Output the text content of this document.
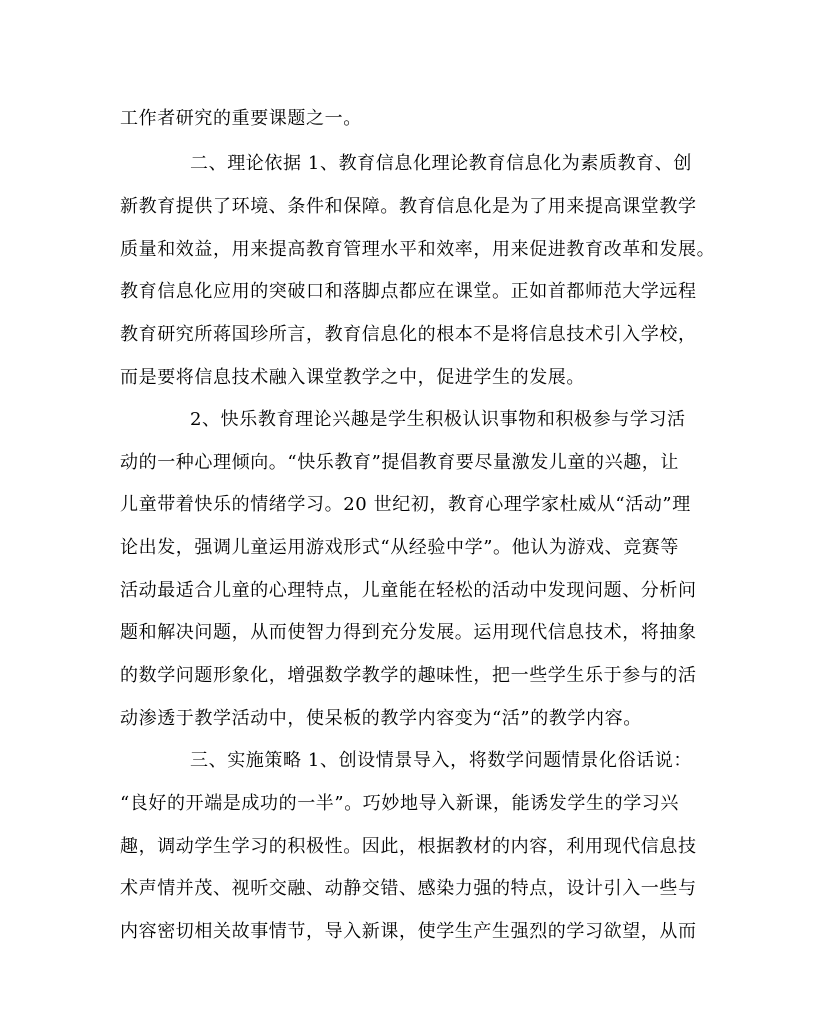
工作者研究的重要课题之一。
二、理论依据 1、教育信息化理论教育信息化为素质教育、创
新教育提供了环境、条件和保障。教育信息化是为了用来提高课堂教学
质量和效益，用来提高教育管理水平和效率，用来促进教育改革和发展。
教育信息化应用的突破口和落脚点都应在课堂。正如首都师范大学远程
教育研究所蒋国珍所言，教育信息化的根本不是将信息技术引入学校，
而是要将信息技术融入课堂教学之中，促进学生的发展。
2、快乐教育理论兴趣是学生积极认识事物和积极参与学习活
动的一种心理倾向。“快乐教育”提倡教育要尽量激发儿童的兴趣，让
儿童带着快乐的情绪学习。20 世纪初，教育心理学家杜威从“活动”理
论出发，强调儿童运用游戏形式“从经验中学”。他认为游戏、竞赛等
活动最适合儿童的心理特点，儿童能在轻松的活动中发现问题、分析问
题和解决问题，从而使智力得到充分发展。运用现代信息技术，将抽象
的数学问题形象化，增强数学教学的趣味性，把一些学生乐于参与的活
动渗透于教学活动中，使呆板的教学内容变为“活”的教学内容。
三、实施策略 1、创设情景导入，将数学问题情景化俗话说：
“良好的开端是成功的一半”。巧妙地导入新课，能诱发学生的学习兴
趣，调动学生学习的积极性。因此，根据教材的内容，利用现代信息技
术声情并茂、视听交融、动静交错、感染力强的特点，设计引入一些与
内容密切相关故事情节，导入新课，使学生产生强烈的学习欲望，从而
